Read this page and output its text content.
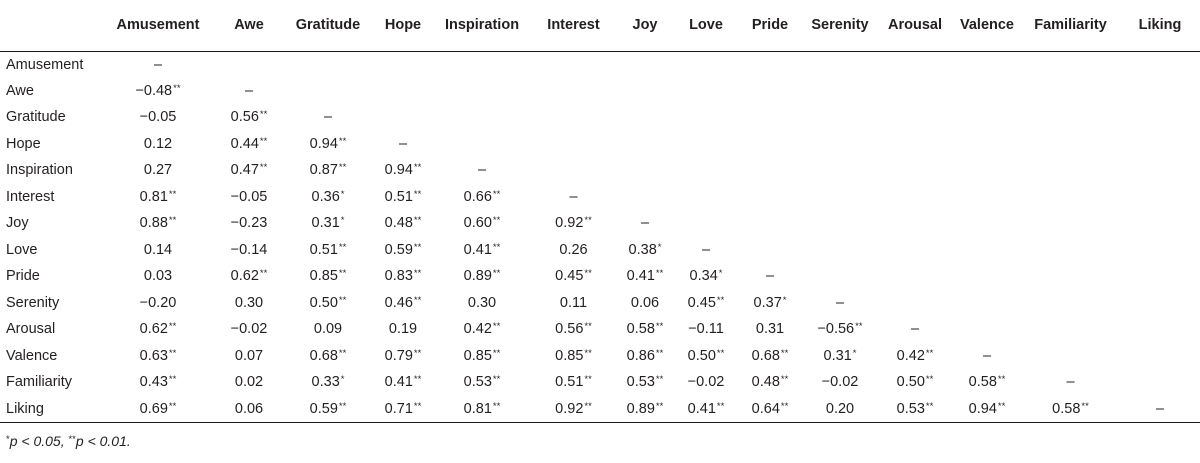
	Amusement	Awe	Gratitude	Hope	Inspiration	Interest	Joy	Love	Pride	Serenity	Arousal	Valence	Familiarity	Liking
Amusement	–													
Awe	−0.48**	–												
Gratitude	−0.05	0.56**	–											
Hope	0.12	0.44**	0.94**	–										
Inspiration	0.27	0.47**	0.87**	0.94**	–									
Interest	0.81**	−0.05	0.36*	0.51**	0.66**	–								
Joy	0.88**	−0.23	0.31*	0.48**	0.60**	0.92**	–							
Love	0.14	−0.14	0.51**	0.59**	0.41**	0.26	0.38*	–						
Pride	0.03	0.62**	0.85**	0.83**	0.89**	0.45**	0.41**	0.34*	–					
Serenity	−0.20	0.30	0.50**	0.46**	0.30	0.11	0.06	0.45**	0.37*	–				
Arousal	0.62**	−0.02	0.09	0.19	0.42**	0.56**	0.58**	−0.11	0.31	−0.56**	–			
Valence	0.63**	0.07	0.68**	0.79**	0.85**	0.85**	0.86**	0.50**	0.68**	0.31*	0.42**	–		
Familiarity	0.43**	0.02	0.33*	0.41**	0.53**	0.51**	0.53**	−0.02	0.48**	−0.02	0.50**	0.58**	–	
Liking	0.69**	0.06	0.59**	0.71**	0.81**	0.92**	0.89**	0.41**	0.64**	0.20	0.53**	0.94**	0.58**	–
*p < 0.05, **p < 0.01.
